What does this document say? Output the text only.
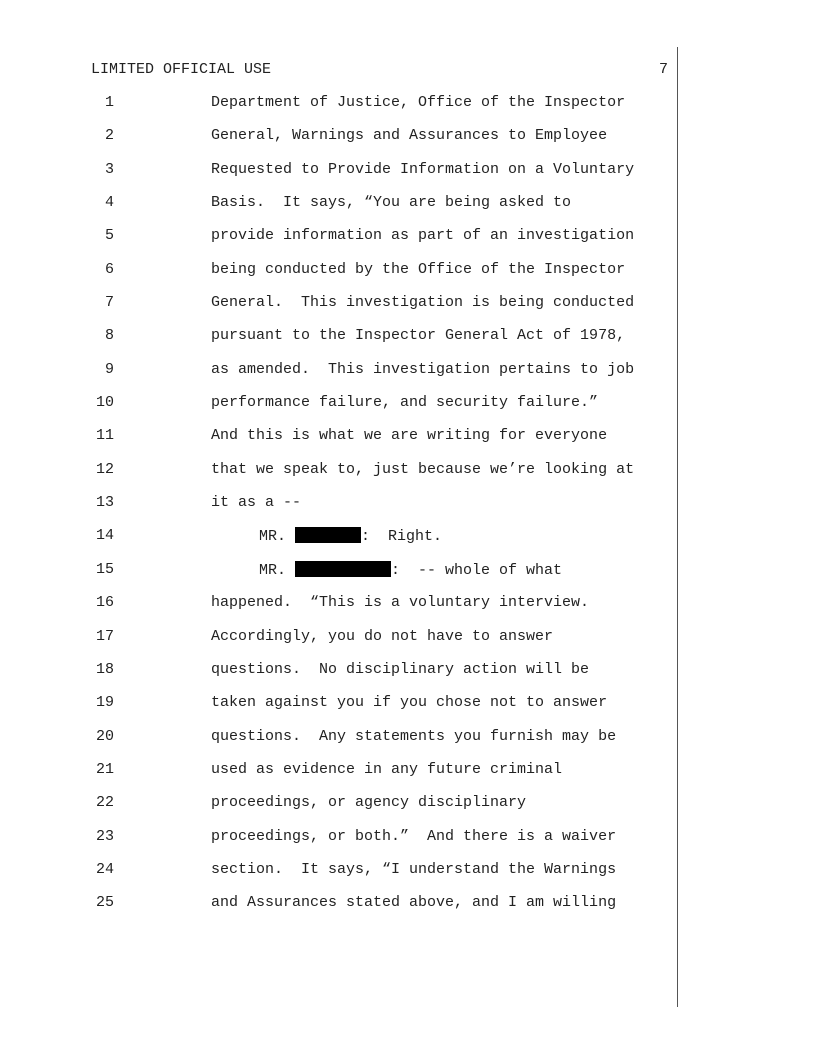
LIMITED OFFICIAL USE	7
1	Department of Justice, Office of the Inspector
2	General, Warnings and Assurances to Employee
3	Requested to Provide Information on a Voluntary
4	Basis.  It says, “You are being asked to
5	provide information as part of an investigation
6	being conducted by the Office of the Inspector
7	General.  This investigation is being conducted
8	pursuant to the Inspector General Act of 1978,
9	as amended.  This investigation pertains to job
10	performance failure, and security failure.”
11	And this is what we are writing for everyone
12	that we speak to, just because we’re looking at
13	it as a --
14	MR.	:  Right.
15	MR.	:  -- whole of what
16	happened.  “This is a voluntary interview.
17	Accordingly, you do not have to answer
18	questions.  No disciplinary action will be
19	taken against you if you chose not to answer
20	questions.  Any statements you furnish may be
21	used as evidence in any future criminal
22	proceedings, or agency disciplinary
23	proceedings, or both.”  And there is a waiver
24	section.  It says, “I understand the Warnings
25	and Assurances stated above, and I am willing
